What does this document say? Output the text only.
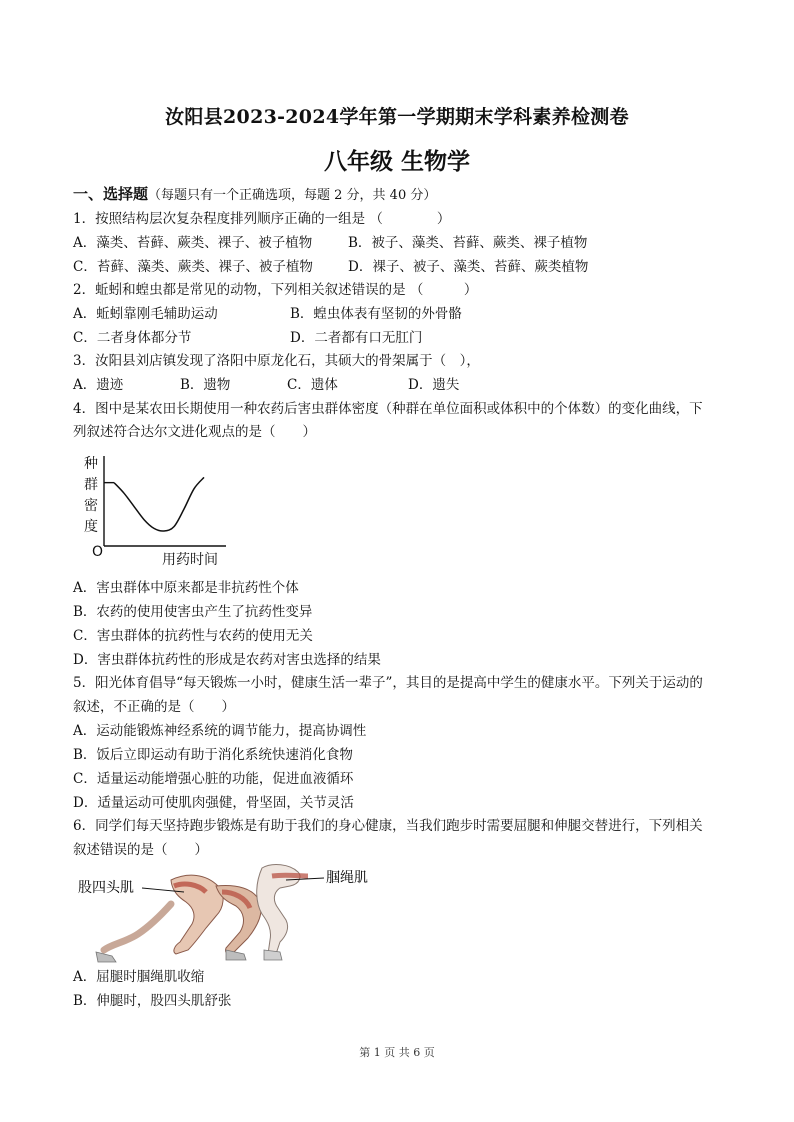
汝阳县2023-2024学年第一学期期末学科素养检测卷
八年级 生物学
一、选择题（每题只有一个正确选项，每题 2 分，共 40 分）
1．按照结构层次复杂程度排列顺序正确的一组是 （　　　　）
A．藻类、苔藓、蕨类、裸子、被子植物	B．被子、藻类、苔藓、蕨类、裸子植物
C．苔藓、藻类、蕨类、裸子、被子植物	D．裸子、被子、藻类、苔藓、蕨类植物
2．蚯蚓和蝗虫都是常见的动物，下列相关叙述错误的是 （　　　）
A．蚯蚓靠刚毛辅助运动	B．蝗虫体表有坚韧的外骨骼
C．二者身体都分节	D．二者都有口无肛门
3．汝阳县刘店镇发现了洛阳中原龙化石，其硕大的骨架属于（　），
A．遗迹	B．遗物	C．遗体	D．遗失
4．图中是某农田长期使用一种农药后害虫群体密度（种群在单位面积或体积中的个体数）的变化曲线，下
列叙述符合达尔文进化观点的是（　　）
种
群
密
度
O	用药时间
A．害虫群体中原来都是非抗药性个体
B．农药的使用使害虫产生了抗药性变异
C．害虫群体的抗药性与农药的使用无关
D．害虫群体抗药性的形成是农药对害虫选择的结果
5．阳光体育倡导“每天锻炼一小时，健康生活一辈子”，其目的是提高中学生的健康水平。下列关于运动的
叙述，不正确的是（　　）
A．运动能锻炼神经系统的调节能力，提高协调性
B．饭后立即运动有助于消化系统快速消化食物
C．适量运动能增强心脏的功能，促进血液循环
D．适量运动可使肌肉强健，骨坚固，关节灵活
6．同学们每天坚持跑步锻炼是有助于我们的身心健康，当我们跑步时需要屈腿和伸腿交替进行，下列相关
叙述错误的是（　　）
股四头肌
腘绳肌
A．屈腿时腘绳肌收缩
B．伸腿时，股四头肌舒张
第 1 页 共 6 页
